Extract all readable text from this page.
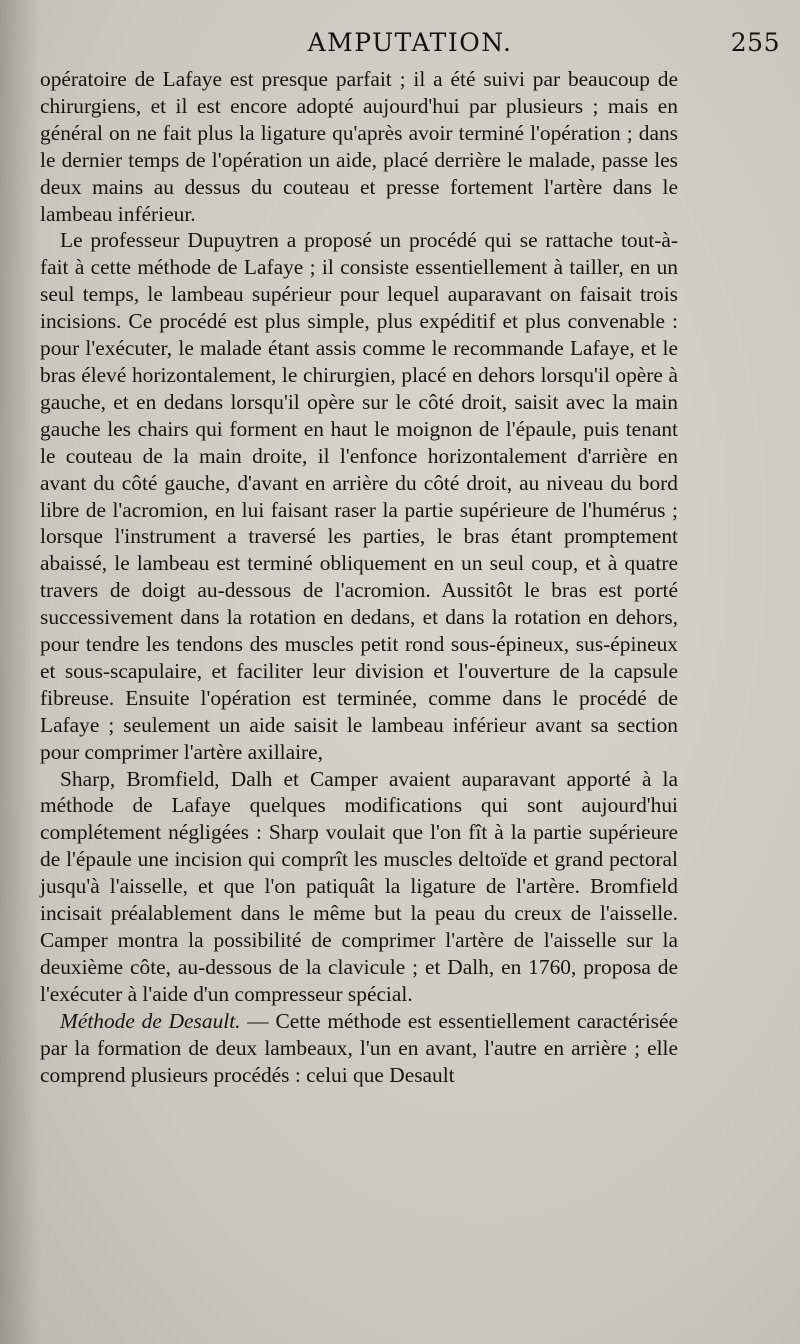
AMPUTATION.	255

opératoire de Lafaye est presque parfait ; il a été suivi par beaucoup de chirurgiens, et il est encore adopté aujourd'hui par plusieurs ; mais en général on ne fait plus la ligature qu'après avoir terminé l'opération ; dans le dernier temps de l'opération un aide, placé derrière le malade, passe les deux mains au dessus du couteau et presse fortement l'artère dans le lambeau inférieur.

Le professeur Dupuytren a proposé un procédé qui se rattache tout-à-fait à cette méthode de Lafaye ; il consiste essentiellement à tailler, en un seul temps, le lambeau supérieur pour lequel auparavant on faisait trois incisions. Ce procédé est plus simple, plus expéditif et plus convenable : pour l'exécuter, le malade étant assis comme le recommande Lafaye, et le bras élevé horizontalement, le chirurgien, placé en dehors lorsqu'il opère à gauche, et en dedans lorsqu'il opère sur le côté droit, saisit avec la main gauche les chairs qui forment en haut le moignon de l'épaule, puis tenant le couteau de la main droite, il l'enfonce horizontalement d'arrière en avant du côté gauche, d'avant en arrière du côté droit, au niveau du bord libre de l'acromion, en lui faisant raser la partie supérieure de l'humérus ; lorsque l'instrument a traversé les parties, le bras étant promptement abaissé, le lambeau est terminé obliquement en un seul coup, et à quatre travers de doigt au-dessous de l'acromion. Aussitôt le bras est porté successivement dans la rotation en dedans, et dans la rotation en dehors, pour tendre les tendons des muscles petit rond sous-épineux, sus-épineux et sous-scapulaire, et faciliter leur division et l'ouverture de la capsule fibreuse. Ensuite l'opération est terminée, comme dans le procédé de Lafaye ; seulement un aide saisit le lambeau inférieur avant sa section pour comprimer l'artère axillaire,

Sharp, Bromfield, Dalh et Camper avaient auparavant apporté à la méthode de Lafaye quelques modifications qui sont aujourd'hui complétement négligées : Sharp voulait que l'on fît à la partie supérieure de l'épaule une incision qui comprît les muscles deltoïde et grand pectoral jusqu'à l'aisselle, et que l'on patiquât la ligature de l'artère. Bromfield incisait préalablement dans le même but la peau du creux de l'aisselle. Camper montra la possibilité de comprimer l'artère de l'aisselle sur la deuxième côte, au-dessous de la clavicule ; et Dalh, en 1760, proposa de l'exécuter à l'aide d'un compresseur spécial.

Méthode de Desault. — Cette méthode est essentiellement caractérisée par la formation de deux lambeaux, l'un en avant, l'autre en arrière ; elle comprend plusieurs procédés : celui que Desault
